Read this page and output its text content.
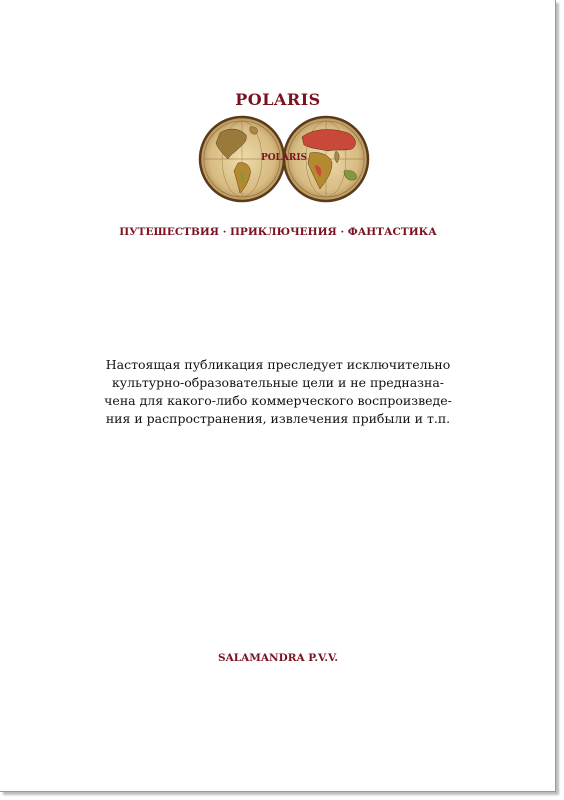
POLARIS
POLARIS
ПУТЕШЕСТВИЯ · ПРИКЛЮЧЕНИЯ · ФАНТАСТИКА
Настоящая публикация преследует исключительно
культурно-образовательные цели и не предназна-
чена для какого-либо коммерческого воспроизведе-
ния и распространения, извлечения прибыли и т.п.
SALAMANDRA P.V.V.
